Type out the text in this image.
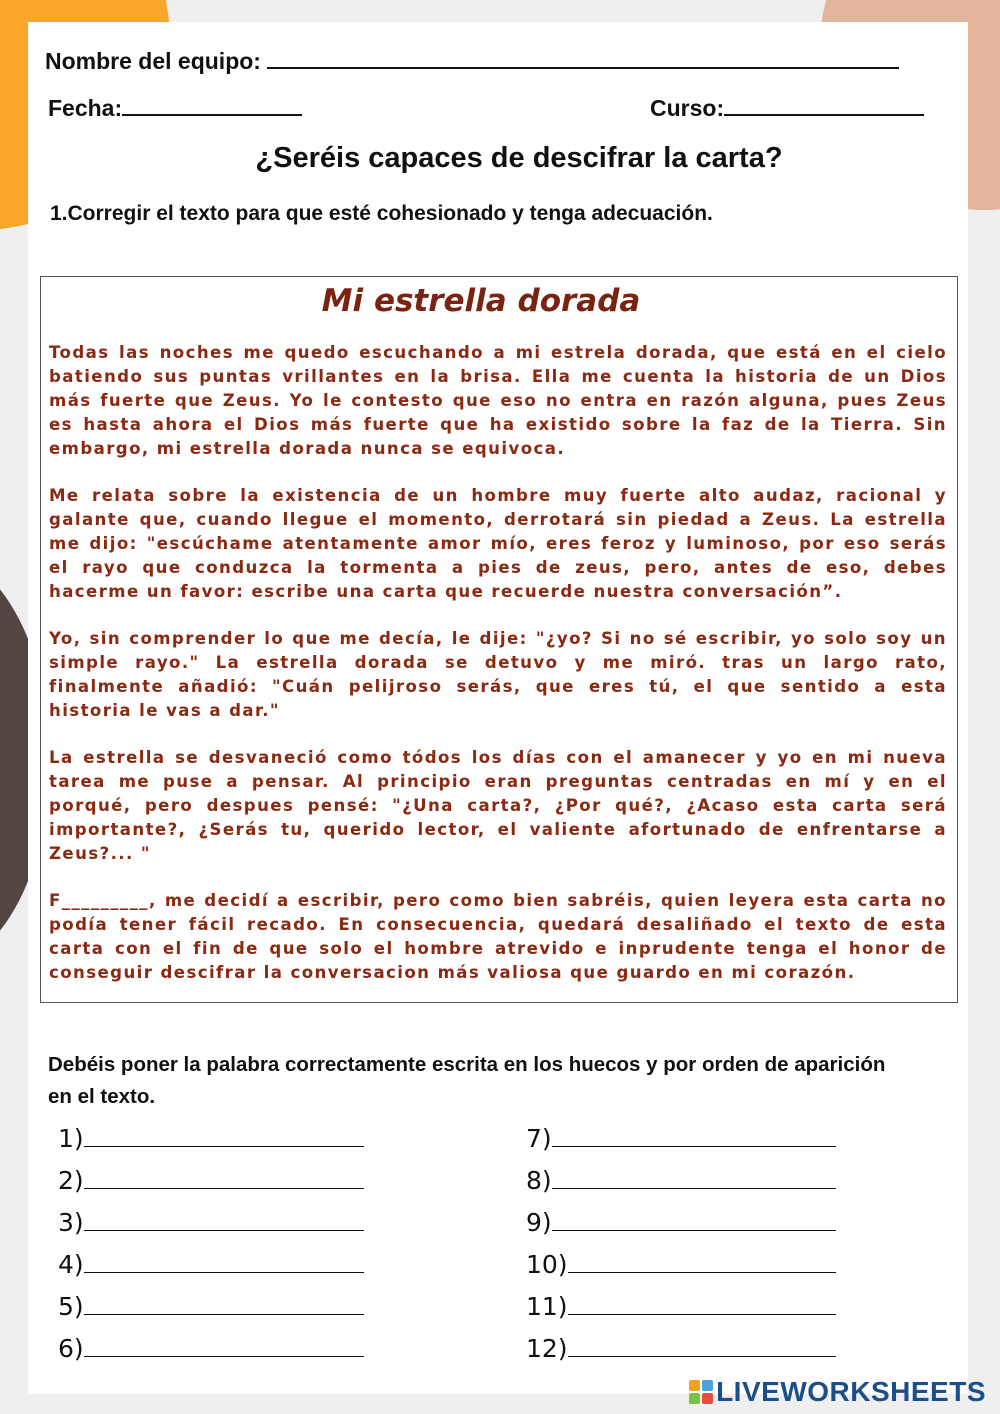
Nombre del equipo:
Fecha:	Curso:
¿Seréis capaces de descifrar la carta?
1.Corregir el texto para que esté cohesionado y tenga adecuación.
Mi estrella dorada

Todas las noches me quedo escuchando a mi estrela dorada, que está en el cielo batiendo sus puntas vrillantes en la brisa. Ella me cuenta la historia de un Dios más fuerte que Zeus. Yo le contesto que eso no entra en razón alguna, pues Zeus es hasta ahora el Dios más fuerte que ha existido sobre la faz de la Tierra. Sin embargo, mi estrella dorada nunca se equivoca.

Me relata sobre la existencia de un hombre muy fuerte alto audaz, racional y galante que, cuando llegue el momento, derrotará sin piedad a Zeus. La estrella me dijo: "escúchame atentamente amor mío, eres feroz y luminoso, por eso serás el rayo que conduzca la tormenta a pies de zeus, pero, antes de eso, debes hacerme un favor: escribe una carta que recuerde nuestra conversación”.

Yo, sin comprender lo que me decía, le dije: "¿yo? Si no sé escribir, yo solo soy un simple rayo." La estrella dorada se detuvo y me miró. tras un largo rato, finalmente añadió: "Cuán pelijroso serás, que eres tú, el que sentido a esta historia le vas a dar."

La estrella se desvaneció como tódos los días con el amanecer y yo en mi nueva tarea me puse a pensar. Al principio eran preguntas centradas en mí y en el porqué, pero despues pensé: "¿Una carta?, ¿Por qué?, ¿Acaso esta carta será importante?, ¿Serás tu, querido lector, el valiente afortunado de enfrentarse a Zeus?... "

F_________, me decidí a escribir, pero como bien sabréis, quien leyera esta carta no podía tener fácil recado. En consecuencia, quedará desaliñado el texto de esta carta con el fin de que solo el hombre atrevido e inprudente tenga el honor de conseguir descifrar la conversacion más valiosa que guardo en mi corazón.

Debéis poner la palabra correctamente escrita en los huecos y por orden de aparición en el texto.
1)
2)
3)
4)
5)
6)
7)
8)
9)
10)
11)
12)
LIVEWORKSHEETS
